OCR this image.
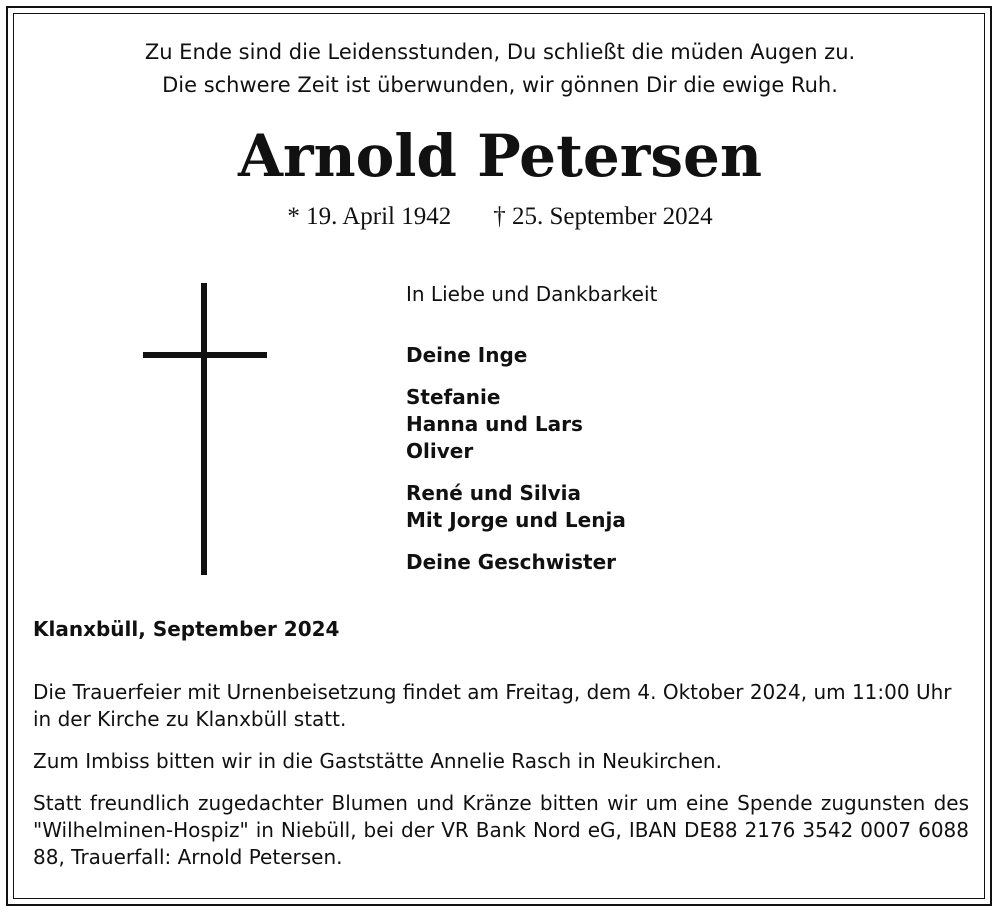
Zu Ende sind die Leidensstunden, Du schließt die müden Augen zu.
Die schwere Zeit ist überwunden, wir gönnen Dir die ewige Ruh.
Arnold Petersen
* 19. April 1942 † 25. September 2024
In Liebe und Dankbarkeit
Deine Inge
Stefanie
Hanna und Lars
Oliver
René und Silvia
Mit Jorge und Lenja
Deine Geschwister
Klanxbüll, September 2024

Die Trauerfeier mit Urnenbeisetzung findet am Freitag, dem 4. Oktober 2024, um 11:00 Uhr in der Kirche zu Klanxbüll statt.

Zum Imbiss bitten wir in die Gaststätte Annelie Rasch in Neukirchen.

Statt freundlich zugedachter Blumen und Kränze bitten wir um eine Spende zugunsten des "Wilhelminen-Hospiz" in Niebüll, bei der VR Bank Nord eG, IBAN DE88 2176 3542 0007 6088 88, Trauerfall: Arnold Petersen.
